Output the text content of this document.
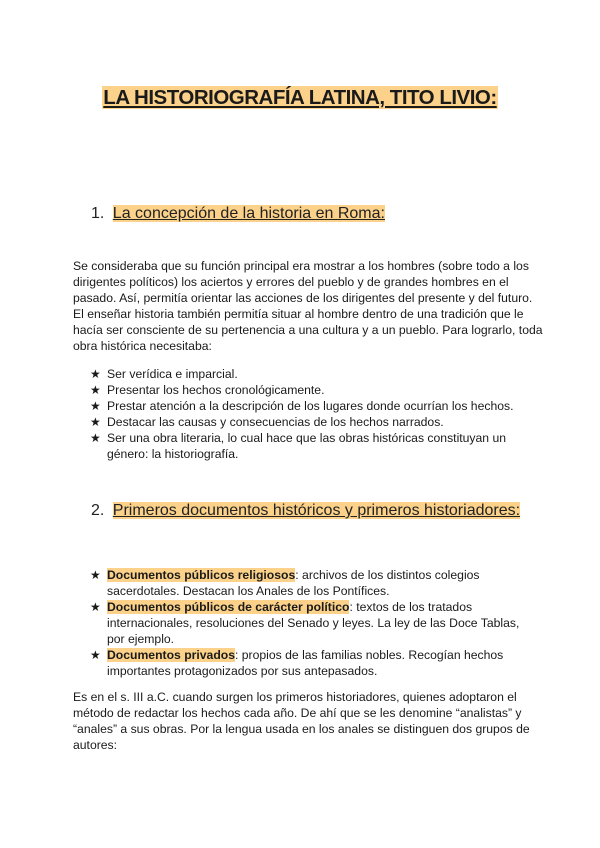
LA HISTORIOGRAFÍA LATINA, TITO LIVIO:
1. La concepción de la historia en Roma:

Se consideraba que su función principal era mostrar a los hombres (sobre todo a los dirigentes políticos) los aciertos y errores del pueblo y de grandes hombres en el pasado. Así, permitía orientar las acciones de los dirigentes del presente y del futuro. El enseñar historia también permitía situar al hombre dentro de una tradición que le hacía ser consciente de su pertenencia a una cultura y a un pueblo. Para lograrlo, toda obra histórica necesitaba:

★ Ser verídica e imparcial.
★ Presentar los hechos cronológicamente.
★ Prestar atención a la descripción de los lugares donde ocurrían los hechos.
★ Destacar las causas y consecuencias de los hechos narrados.
★ Ser una obra literaria, lo cual hace que las obras históricas constituyan un género: la historiografía.
2. Primeros documentos históricos y primeros historiadores:
★ Documentos públicos religiosos: archivos de los distintos colegios sacerdotales. Destacan los Anales de los Pontífices.
★ Documentos públicos de carácter político: textos de los tratados internacionales, resoluciones del Senado y leyes. La ley de las Doce Tablas, por ejemplo.
★ Documentos privados: propios de las familias nobles. Recogían hechos importantes protagonizados por sus antepasados.

Es en el s. III a.C. cuando surgen los primeros historiadores, quienes adoptaron el método de redactar los hechos cada año. De ahí que se les denomine “analistas” y “anales” a sus obras. Por la lengua usada en los anales se distinguen dos grupos de autores:
